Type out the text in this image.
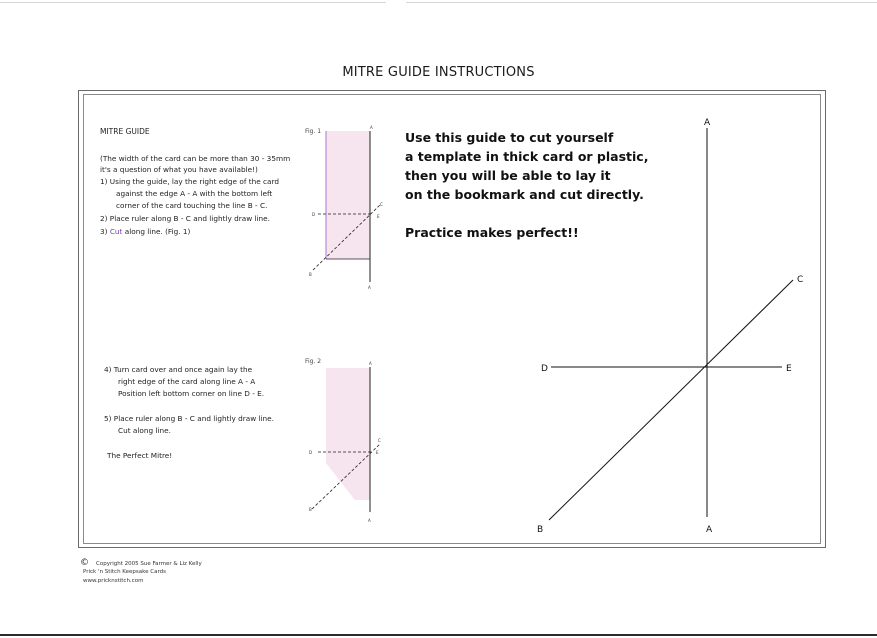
MITRE GUIDE INSTRUCTIONS
MITRE GUIDE
(The width of the card can be more than 30 - 35mm
it's a question of what you have available!)
1) Using the guide, lay the right edge of the card
against the edge A - A with the bottom left
corner of the card touching the line B - C.
2) Place ruler along B - C and lightly draw line.
3) Cut along line. (Fig. 1)
4) Turn card over and once again lay the
right edge of the card along line A - A
Position left bottom corner on line D - E.
5) Place ruler along B - C and lightly draw line.
Cut along line.
The Perfect Mitre!
Fig. 1
Fig. 2
Use this guide to cut yourself
a template in thick card or plastic,
then you will be able to lay it
on the bookmark and cut directly.
Practice makes perfect!!
© Copyright 2005 Sue Farmer & Liz Kelly
Prick 'n Stitch Keepsake Cards
www.pricknstitch.com
A
A
C
D	E
B
A
A
C
D	E
B
A
A
B
C
D	E
